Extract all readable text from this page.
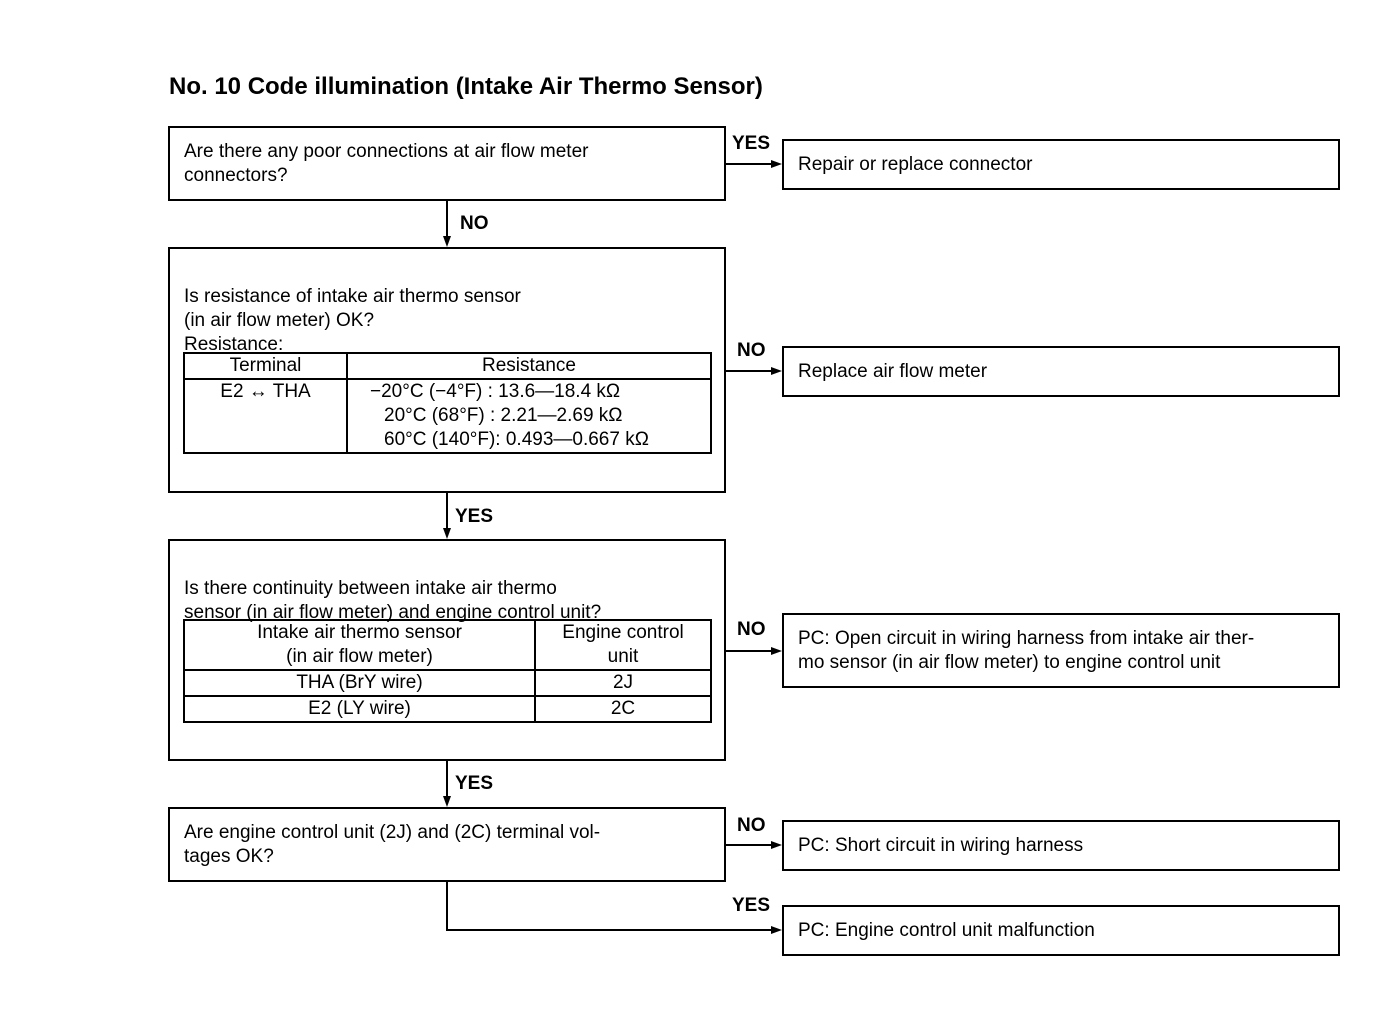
No. 10 Code illumination (Intake Air Thermo Sensor)
Are there any poor connections at air flow meter
connectors?
YES
Repair or replace connector
NO

Is resistance of intake air thermo sensor
(in air flow meter) OK?
Resistance:

Terminal	Resistance
E2 ↔ THA	−20°C (−4°F) : 13.6—18.4 kΩ
20°C (68°F) : 2.21—2.69 kΩ
60°C (140°F): 0.493—0.667 kΩ
NO
Replace air flow meter
YES

Is there continuity between intake air thermo
sensor (in air flow meter) and engine control unit?

Intake air thermo sensor
(in air flow meter)	Engine control
unit
THA (BrY wire)	2J
E2 (LY wire)	2C
NO	PC: Open circuit in wiring harness from intake air ther-
mo sensor (in air flow meter) to engine control unit
YES
Are engine control unit (2J) and (2C) terminal vol-
tages OK?
NO
PC: Short circuit in wiring harness
YES
PC: Engine control unit malfunction
